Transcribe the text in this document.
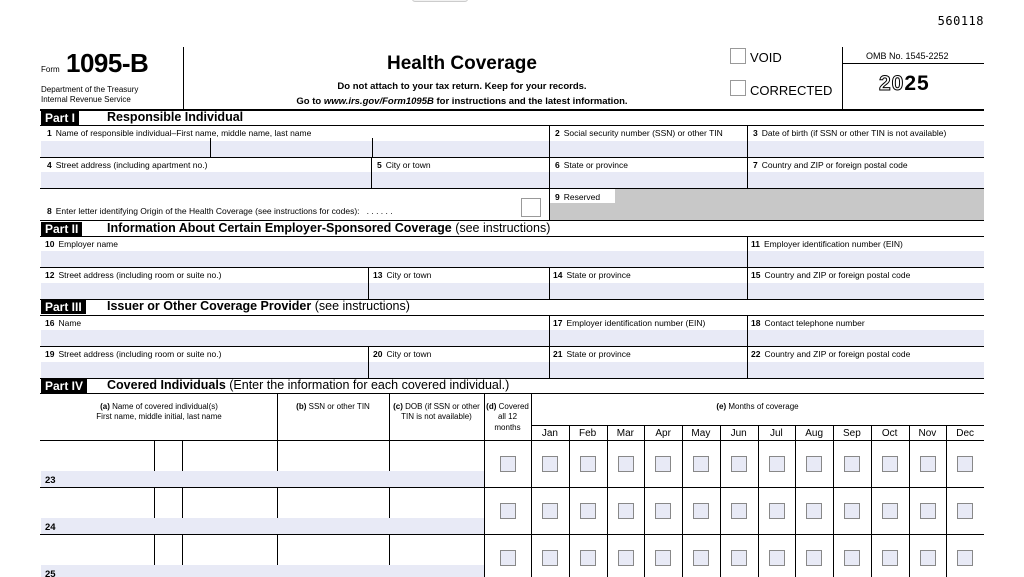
560118
Form 1095-B
Department of the Treasury
Internal Revenue Service
Health Coverage
Do not attach to your tax return. Keep for your records.
Go to www.irs.gov/Form1095B for instructions and the latest information.
VOID
CORRECTED
OMB No. 1545-2252
2025
Part I	Responsible Individual
1 Name of responsible individual–First name, middle name, last name	2 Social security number (SSN) or other TIN	3 Date of birth (if SSN or other TIN is not available)
4 Street address (including apartment no.)	5 City or town	6 State or province	7 Country and ZIP or foreign postal code
8 Enter letter identifying Origin of the Health Coverage (see instructions for codes): . . . . . .
9 Reserved
Part II	Information About Certain Employer-Sponsored Coverage (see instructions)
10 Employer name	11 Employer identification number (EIN)
12 Street address (including room or suite no.)	13 City or town	14 State or province	15 Country and ZIP or foreign postal code
Part III	Issuer or Other Coverage Provider (see instructions)
16 Name	17 Employer identification number (EIN)	18 Contact telephone number
19 Street address (including room or suite no.)	20 City or town	21 State or province	22 Country and ZIP or foreign postal code
Part IV	Covered Individuals (Enter the information for each covered individual.)
(a) Name of covered individual(s)
First name, middle initial, last name
(b) SSN or other TIN	(c) DOB (if SSN or other
TIN is not available)
(d) Covered
all 12 months
(e) Months of coverage
Jan	Feb	Mar	Apr	May	Jun	Jul	Aug	Sep	Oct	Nov	Dec
23
24
25
